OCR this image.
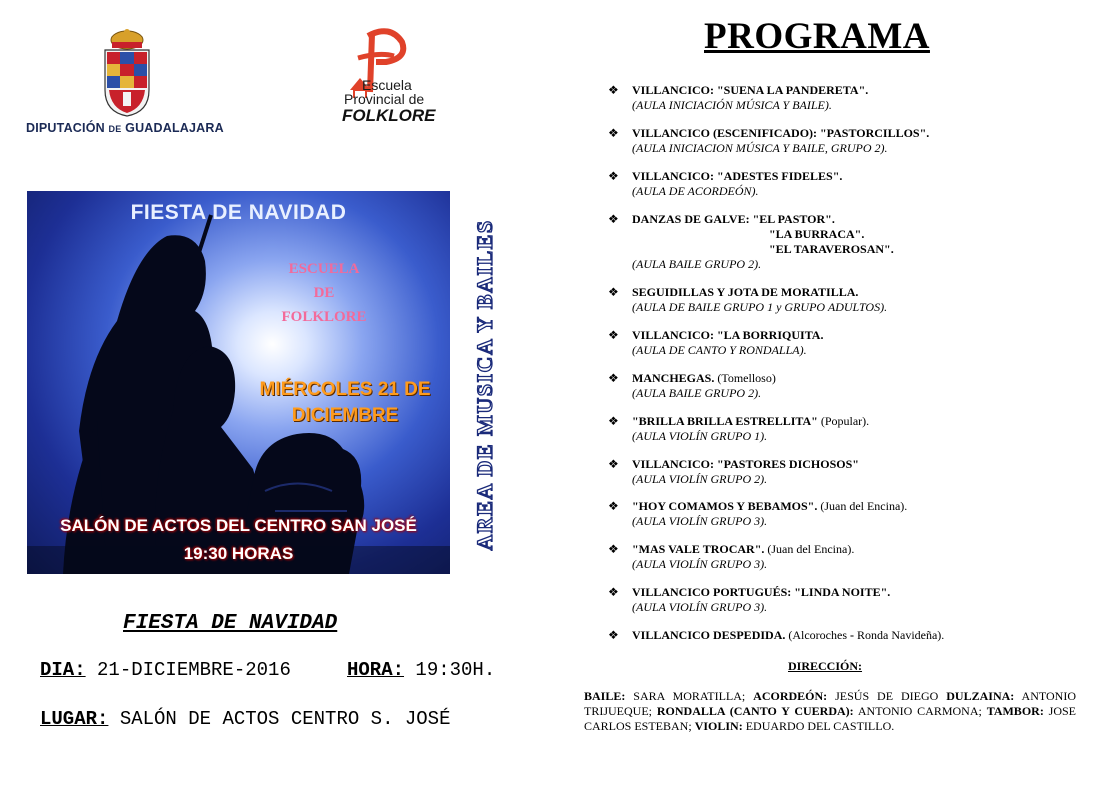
DIPUTACIÓN DE GUADALAJARA
Escuela
Provincial de
FOLKLORE
FIESTA DE NAVIDAD
ESCUELA
DE
FOLKLORE
MIÉRCOLES 21 DE
DICIEMBRE
SALÓN DE ACTOS DEL CENTRO SAN JOSÉ
19:30 HORAS
AREA DE MUSICA Y BAILES
FIESTA DE NAVIDAD
DIA: 21-DICIEMBRE-2016	HORA: 19:30H.
LUGAR: SALÓN DE ACTOS CENTRO S. JOSÉ
PROGRAMA
❖ VILLANCICO: "SUENA LA PANDERETA".
(AULA INICIACIÓN MÚSICA Y BAILE).
❖ VILLANCICO (ESCENIFICADO): "PASTORCILLOS".
(AULA INICIACION MÚSICA Y BAILE, GRUPO 2).
❖ VILLANCICO: "ADESTES FIDELES".
(AULA DE ACORDEÓN).
❖ DANZAS DE GALVE: "EL PASTOR".
"LA BURRACA".
"EL TARAVEROSAN".
(AULA BAILE GRUPO 2).
❖ SEGUIDILLAS Y JOTA DE MORATILLA.
(AULA DE BAILE GRUPO 1 y GRUPO ADULTOS).
❖ VILLANCICO: "LA BORRIQUITA.
(AULA DE CANTO Y RONDALLA).
❖ MANCHEGAS. (Tomelloso)
(AULA BAILE GRUPO 2).
❖ "BRILLA BRILLA ESTRELLITA" (Popular).
(AULA VIOLÍN GRUPO 1).
❖ VILLANCICO: "PASTORES DICHOSOS"
(AULA VIOLÍN GRUPO 2).
❖ "HOY COMAMOS Y BEBAMOS". (Juan del Encina).
(AULA VIOLÍN GRUPO 3).
❖ "MAS VALE TROCAR". (Juan del Encina).
(AULA VIOLÍN GRUPO 3).
❖ VILLANCICO PORTUGUÉS: "LINDA NOITE".
(AULA VIOLÍN GRUPO 3).
❖ VILLANCICO DESPEDIDA. (Alcoroches - Ronda Navideña).
DIRECCIÓN:
BAILE: SARA MORATILLA; ACORDEÓN: JESÚS DE DIEGO DULZAINA: ANTONIO TRIJUEQUE; RONDALLA (CANTO Y CUERDA): ANTONIO CARMONA; TAMBOR: JOSE CARLOS ESTEBAN; VIOLIN: EDUARDO DEL CASTILLO.
